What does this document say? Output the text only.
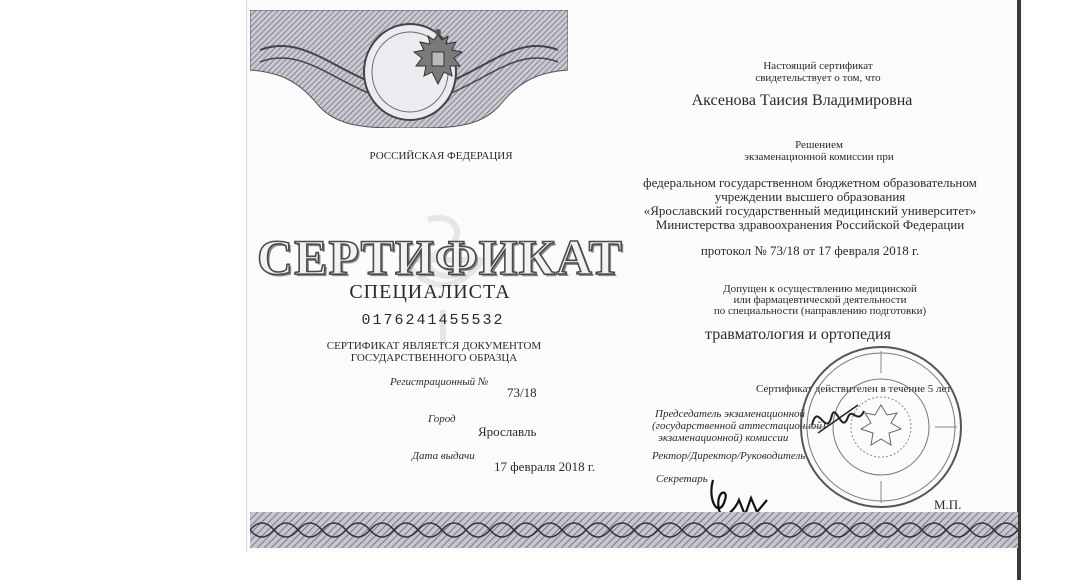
РОССИЙСКАЯ ФЕДЕРАЦИЯ
СЕРТИФИКАТ
СПЕЦИАЛИСТА
0176241455532
СЕРТИФИКАТ ЯВЛЯЕТСЯ ДОКУМЕНТОМ
ГОСУДАРСТВЕННОГО ОБРАЗЦА
Регистрационный №
73/18
Город
Ярославль
Дата выдачи
17 февраля 2018 г.
Настоящий сертификат
свидетельствует о том, что
Аксенова Таисия Владимировна
Решением
экзаменационной комиссии при
федеральном государственном бюджетном образовательном
учреждении высшего образования
«Ярославский государственный медицинский университет»
Министерства здравоохранения Российской Федерации
протокол № 73/18 от 17 февраля 2018 г.
Допущен к осуществлению медицинской
или фармацевтической деятельности
по специальности (направлению подготовки)
травматология и ортопедия
Сертификат действителен в течение 5 лет
Председатель экзаменационной
(государственной аттестационной)
экзаменационной) комиссии
Ректор/Директор/Руководитель
Секретарь
М.П.
